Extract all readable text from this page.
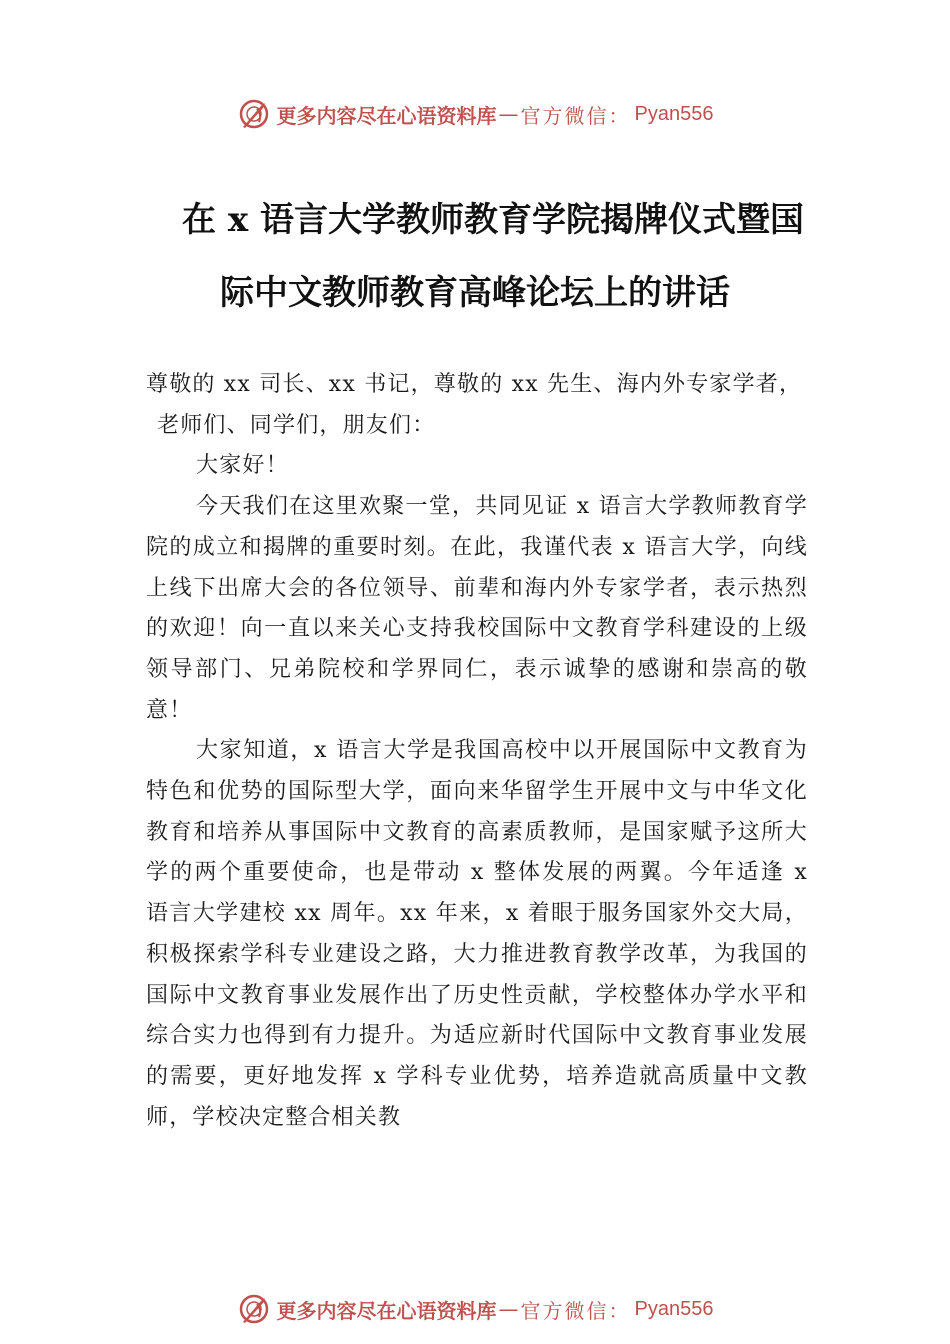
更多内容尽在心语资料库 — 官方微信： Pyan556
在 x 语言大学教师教育学院揭牌仪式暨国
际中文教师教育高峰论坛上的讲话

尊敬的 xx 司长、xx 书记，尊敬的 xx 先生、海内外专家学者，
老师们、同学们，朋友们：

大家好！

今天我们在这里欢聚一堂，共同见证 x 语言大学教师教育学院的成立和揭牌的重要时刻。在此，我谨代表 x 语言大学，向线上线下出席大会的各位领导、前辈和海内外专家学者，表示热烈的欢迎！向一直以来关心支持我校国际中文教育学科建设的上级领导部门、兄弟院校和学界同仁，表示诚挚的感谢和崇高的敬意！

大家知道，x 语言大学是我国高校中以开展国际中文教育为特色和优势的国际型大学，面向来华留学生开展中文与中华文化教育和培养从事国际中文教育的高素质教师，是国家赋予这所大学的两个重要使命，也是带动 x 整体发展的两翼。今年适逢 x 语言大学建校 xx 周年。xx 年来，x 着眼于服务国家外交大局，积极探索学科专业建设之路，大力推进教育教学改革，为我国的国际中文教育事业发展作出了历史性贡献，学校整体办学水平和综合实力也得到有力提升。为适应新时代国际中文教育事业发展的需要，更好地发挥 x 学科专业优势，培养造就高质量中文教师，学校决定整合相关教

更多内容尽在心语资料库 — 官方微信： Pyan556
